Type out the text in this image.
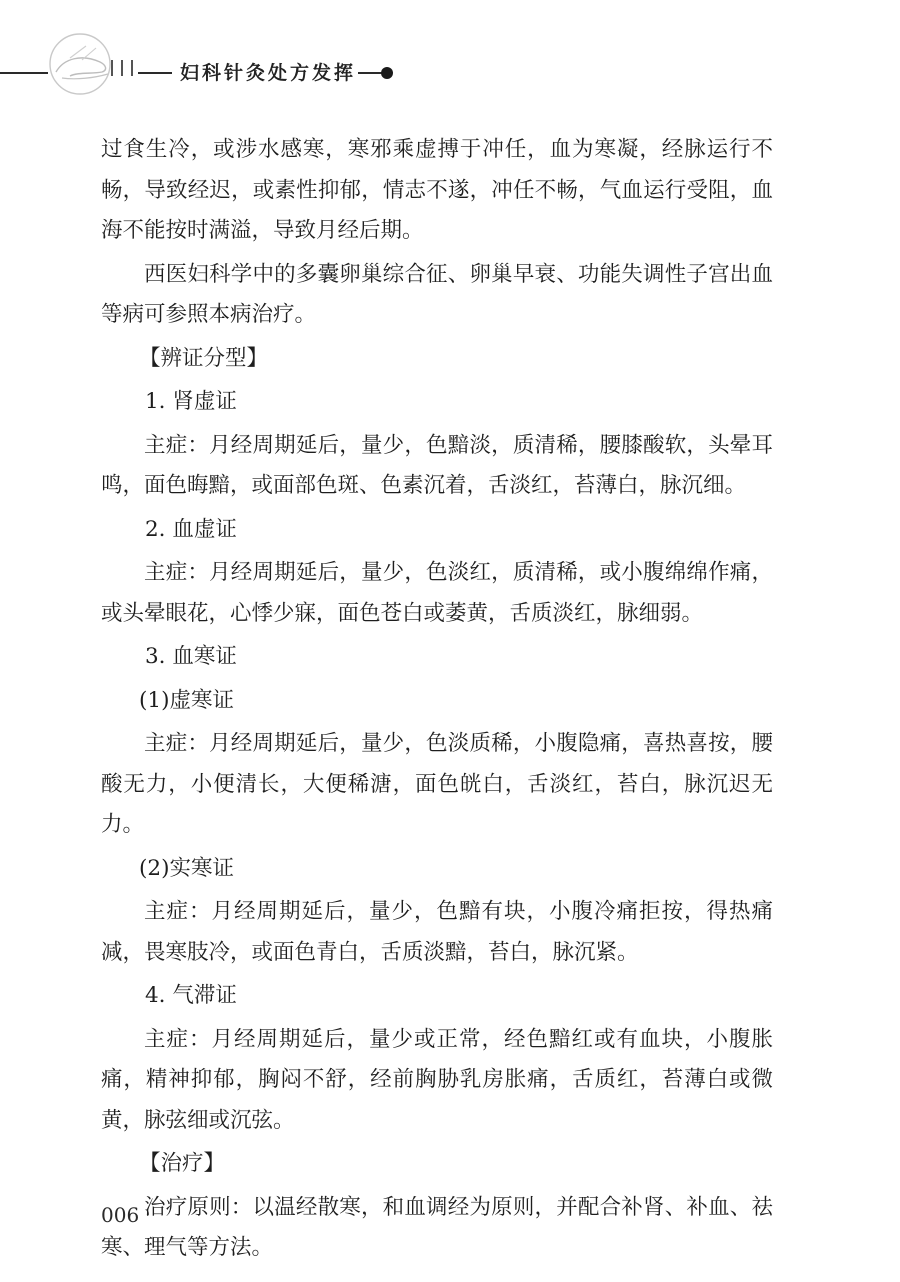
妇科针灸处方发挥

过食生冷，或涉水感寒，寒邪乘虚搏于冲任，血为寒凝，经脉运行不畅，导致经迟，或素性抑郁，情志不遂，冲任不畅，气血运行受阻，血海不能按时满溢，导致月经后期。

西医妇科学中的多囊卵巢综合征、卵巢早衰、功能失调性子宫出血等病可参照本病治疗。

【辨证分型】

1. 肾虚证

主症：月经周期延后，量少，色黯淡，质清稀，腰膝酸软，头晕耳鸣，面色晦黯，或面部色斑、色素沉着，舌淡红，苔薄白，脉沉细。

2. 血虚证

主症：月经周期延后，量少，色淡红，质清稀，或小腹绵绵作痛，或头晕眼花，心悸少寐，面色苍白或萎黄，舌质淡红，脉细弱。

3. 血寒证

(1)虚寒证

主症：月经周期延后，量少，色淡质稀，小腹隐痛，喜热喜按，腰酸无力，小便清长，大便稀溏，面色㿠白，舌淡红，苔白，脉沉迟无力。

(2)实寒证

主症：月经周期延后，量少，色黯有块，小腹冷痛拒按，得热痛减，畏寒肢冷，或面色青白，舌质淡黯，苔白，脉沉紧。

4. 气滞证

主症：月经周期延后，量少或正常，经色黯红或有血块，小腹胀痛，精神抑郁，胸闷不舒，经前胸胁乳房胀痛，舌质红，苔薄白或微黄，脉弦细或沉弦。

【治疗】

治疗原则：以温经散寒，和血调经为原则，并配合补肾、补血、祛寒、理气等方法。

006
